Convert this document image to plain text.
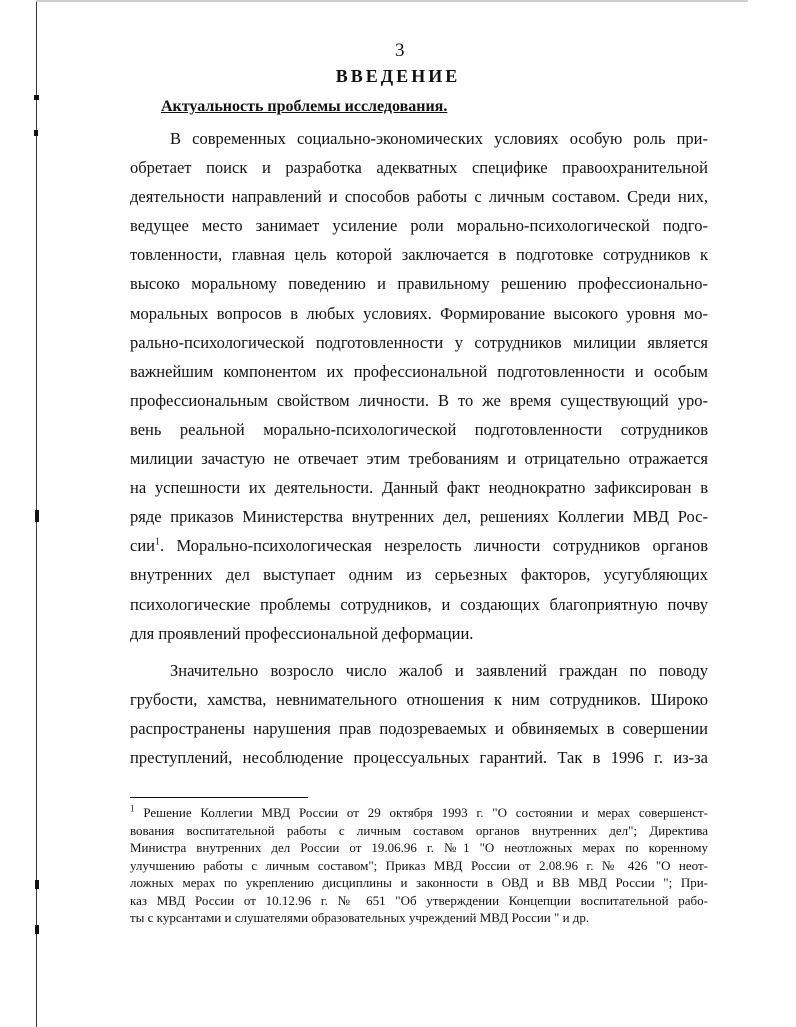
3
ВВЕДЕНИЕ
Актуальность проблемы исследования.
В современных социально-экономических условиях особую роль при-
обретает поиск и разработка адекватных специфике правоохранительной
деятельности направлений и способов работы с личным составом. Среди них,
ведущее место занимает усиление роли морально-психологической подго-
товленности, главная цель которой заключается в подготовке сотрудников к
высоко моральному поведению и правильному решению профессионально-
моральных вопросов в любых условиях. Формирование высокого уровня мо-
рально-психологической подготовленности у сотрудников милиции является
важнейшим компонентом их профессиональной подготовленности и особым
профессиональным свойством личности. В то же время существующий уро-
вень реальной морально-психологической подготовленности сотрудников
милиции зачастую не отвечает этим требованиям и отрицательно отражается
на успешности их деятельности. Данный факт неоднократно зафиксирован в
ряде приказов Министерства внутренних дел, решениях Коллегии МВД Рос-
сии$^1$. Морально-психологическая незрелость личности сотрудников органов
внутренних дел выступает одним из серьезных факторов, усугубляющих
психологические проблемы сотрудников, и создающих благоприятную почву
для проявлений профессиональной деформации.
Значительно возросло число жалоб и заявлений граждан по поводу
грубости, хамства, невнимательного отношения к ним сотрудников. Широко
распространены нарушения прав подозреваемых и обвиняемых в совершении
преступлений, несоблюдение процессуальных гарантий. Так в 1996 г. из-за
$^1$ Решение Коллегии МВД России от 29 октября 1993 г. "О состоянии и мерах совершенст-
вования воспитательной работы с личным составом органов внутренних дел"; Директива
Министра внутренних дел России от 19.06.96 г. №1 "О неотложных мерах по коренному
улучшению работы с личным составом"; Приказ МВД России от 2.08.96 г. № 426 "О неот-
ложных мерах по укреплению дисциплины и законности в ОВД и ВВ МВД России "; При-
каз МВД России от 10.12.96 г. № 651 "Об утверждении Концепции воспитательной рабо-
ты с курсантами и слушателями образовательных учреждений МВД России " и др.
